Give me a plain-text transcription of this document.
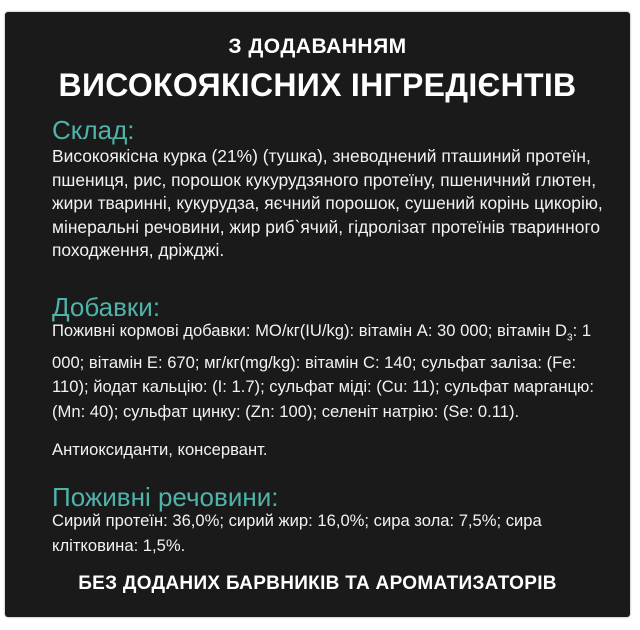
З ДОДАВАННЯМ
ВИСОКОЯКІСНИХ ІНГРЕДІЄНТІВ
Склад:

Високоякісна курка (21%) (тушка), зневоднений пташиний протеїн, пшениця, рис, порошок кукурудзяного протеїну, пшеничний глютен, жири тваринні, кукурудза, яєчний порошок, сушений корінь цикорію, мінеральні речовини, жир риб`ячий, гідролізат протеїнів тваринного походження, дріжджі.

Добавки:

Поживні кормові добавки: МО/кг(IU/kg): вітамін А: 30 000; вітамін $D_3$: 1 000; вітамін Е: 670; мг/кг(mg/kg): вітамін С: 140; сульфат заліза: (Fe: 110); йодат кальцію: (I: 1.7); сульфат міді: (Cu: 11); сульфат марганцю: (Mn: 40); сульфат цинку: (Zn: 100); селеніт натрію: (Se: 0.11).

Антиоксиданти, консервант.

Поживні речовини:

Сирий протеїн: 36,0%; сирий жир: 16,0%; сира зола: 7,5%; сира клітковина: 1,5%.

БЕЗ ДОДАНИХ БАРВНИКІВ ТА АРОМАТИЗАТОРІВ
